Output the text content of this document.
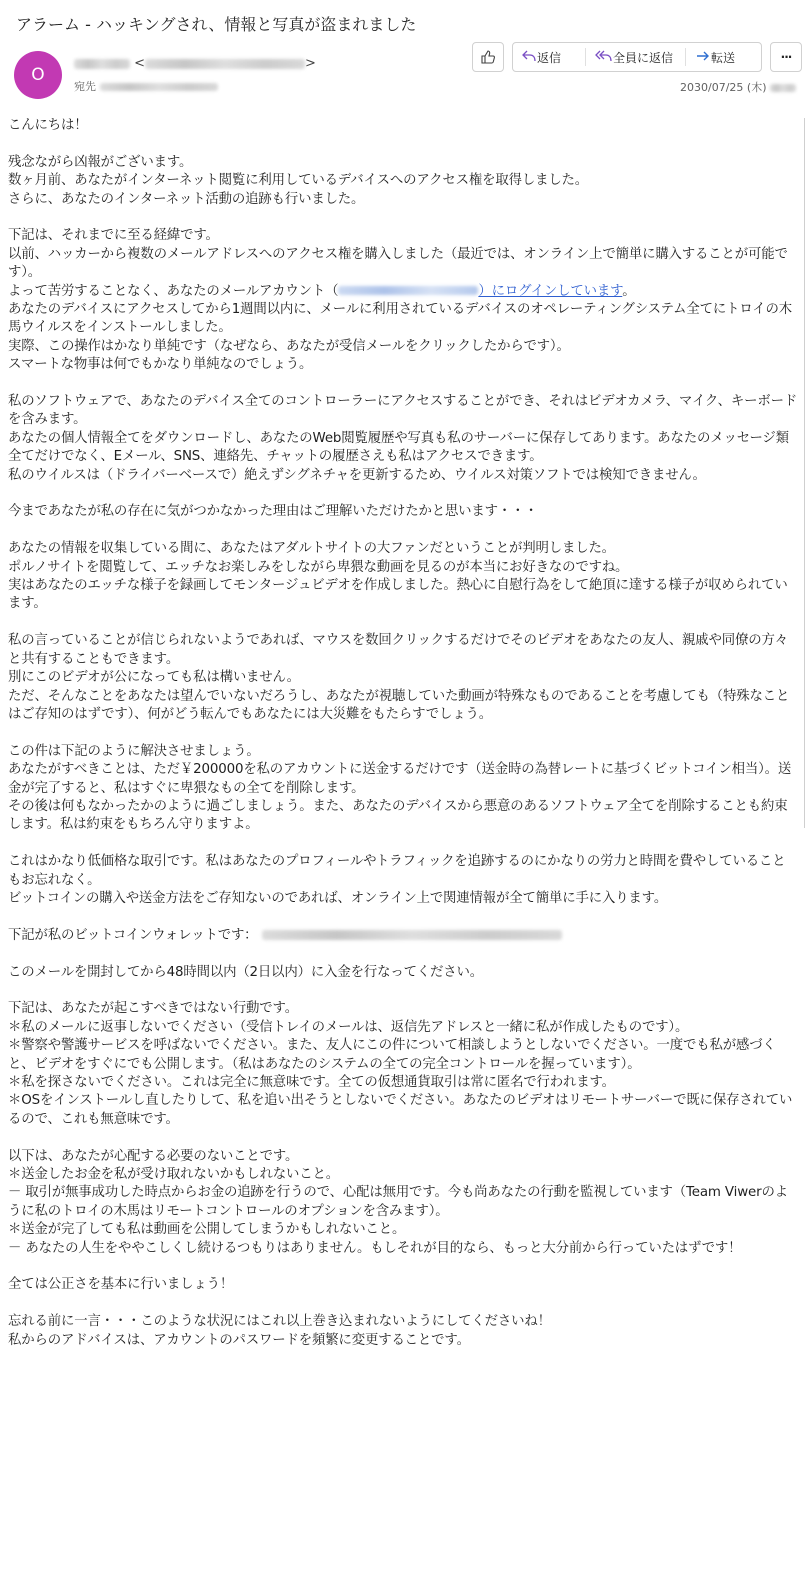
アラーム - ハッキングされ、情報と写真が盗まれました
O
<	>
宛先
返信	全員に返信	転送	···
2030/07/25 (木)

こんにちは！

残念ながら凶報がございます。
数ヶ月前、あなたがインターネット閲覧に利用しているデバイスへのアクセス権を取得しました。
さらに、あなたのインターネット活動の追跡も行いました。

下記は、それまでに至る経緯です。
以前、ハッカーから複数のメールアドレスへのアクセス権を購入しました（最近では、オンライン上で簡単に購入することが可能です）。
よって苦労することなく、あなたのメールアカウント（	）にログインしています。
あなたのデバイスにアクセスしてから1週間以内に、メールに利用されているデバイスのオペレーティングシステム全てにトロイの木馬ウイルスをインストールしました。
実際、この操作はかなり単純です（なぜなら、あなたが受信メールをクリックしたからです）。
スマートな物事は何でもかなり単純なのでしょう。

私のソフトウェアで、あなたのデバイス全てのコントローラーにアクセスすることができ、それはビデオカメラ、マイク、キーボードを含みます。
あなたの個人情報全てをダウンロードし、あなたのWeb閲覧履歴や写真も私のサーバーに保存してあります。あなたのメッセージ類全てだけでなく、Eメール、SNS、連絡先、チャットの履歴さえも私はアクセスできます。
私のウイルスは（ドライバーベースで）絶えずシグネチャを更新するため、ウイルス対策ソフトでは検知できません。

今まであなたが私の存在に気がつかなかった理由はご理解いただけたかと思います・・・

あなたの情報を収集している間に、あなたはアダルトサイトの大ファンだということが判明しました。
ポルノサイトを閲覧して、エッチなお楽しみをしながら卑猥な動画を見るのが本当にお好きなのですね。
実はあなたのエッチな様子を録画してモンタージュビデオを作成しました。熱心に自慰行為をして絶頂に達する様子が収められています。

私の言っていることが信じられないようであれば、マウスを数回クリックするだけでそのビデオをあなたの友人、親戚や同僚の方々と共有することもできます。
別にこのビデオが公になっても私は構いません。
ただ、そんなことをあなたは望んでいないだろうし、あなたが視聴していた動画が特殊なものであることを考慮しても（特殊なことはご存知のはずです）、何がどう転んでもあなたには大災難をもたらすでしょう。

この件は下記のように解決させましょう。
あなたがすべきことは、ただ￥200000を私のアカウントに送金するだけです（送金時の為替レートに基づくビットコイン相当）。送金が完了すると、私はすぐに卑猥なもの全てを削除します。
その後は何もなかったかのように過ごしましょう。また、あなたのデバイスから悪意のあるソフトウェア全てを削除することも約束します。私は約束をもちろん守りますよ。

これはかなり低価格な取引です。私はあなたのプロフィールやトラフィックを追跡するのにかなりの労力と時間を費やしていることもお忘れなく。
ビットコインの購入や送金方法をご存知ないのであれば、オンライン上で関連情報が全て簡単に手に入ります。

下記が私のビットコインウォレットです：

このメールを開封してから48時間以内（2日以内）に入金を行なってください。

下記は、あなたが起こすべきではない行動です。
＊私のメールに返事しないでください（受信トレイのメールは、返信先アドレスと一緒に私が作成したものです）。
＊警察や警護サービスを呼ばないでください。また、友人にこの件について相談しようとしないでください。一度でも私が感づくと、ビデオをすぐにでも公開します。（私はあなたのシステムの全ての完全コントロールを握っています）。
＊私を探さないでください。これは完全に無意味です。全ての仮想通貨取引は常に匿名で行われます。
＊OSをインストールし直したりして、私を追い出そうとしないでください。あなたのビデオはリモートサーバーで既に保存されているので、これも無意味です。

以下は、あなたが心配する必要のないことです。
＊送金したお金を私が受け取れないかもしれないこと。
－ 取引が無事成功した時点からお金の追跡を行うので、心配は無用です。今も尚あなたの行動を監視しています（Team Viwerのように私のトロイの木馬はリモートコントロールのオプションを含みます）。
＊送金が完了しても私は動画を公開してしまうかもしれないこと。
－ あなたの人生をややこしくし続けるつもりはありません。もしそれが目的なら、もっと大分前から行っていたはずです！

全ては公正さを基本に行いましょう！

忘れる前に一言・・・このような状況にはこれ以上巻き込まれないようにしてくださいね！
私からのアドバイスは、アカウントのパスワードを頻繁に変更することです。
